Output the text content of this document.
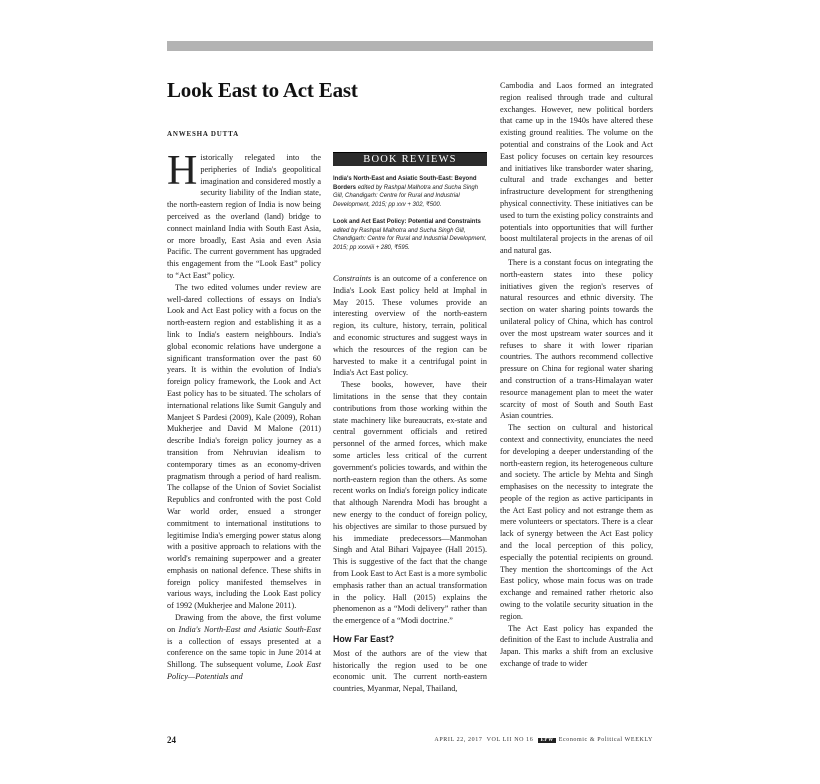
Look East to Act East
ANWESHA DUTTA

Historically relegated into the peripheries of India's geopolitical imagination and considered mostly a security liability of the Indian state, the north-eastern region of India is now being perceived as the overland (land) bridge to connect mainland India with South East Asia, or more broadly, East Asia and even Asia Pacific. The current government has upgraded this engagement from the “Look East” policy to “Act East” policy.

The two edited volumes under review are well-dared collections of essays on India's Look and Act East policy with a focus on the north-eastern region and establishing it as a link to India's eastern neighbours. India's global economic relations have undergone a significant transformation over the past 60 years. It is within the evolution of India's foreign policy framework, the Look and Act East policy has to be situated. The scholars of international relations like Sumit Ganguly and Manjeet S Pardesi (2009), Kale (2009), Rohan Mukherjee and David M Malone (2011) describe India's foreign policy journey as a transition from Nehruvian idealism to contemporary times as an economy-driven pragmatism through a period of hard realism. The collapse of the Union of Soviet Socialist Republics and confronted with the post Cold War world order, ensued a stronger commitment to international institutions to legitimise India's emerging power status along with a positive approach to relations with the world's remaining superpower and a greater emphasis on national defence. These shifts in foreign policy manifested themselves in various ways, including the Look East policy of 1992 (Mukherjee and Malone 2011).

Drawing from the above, the first volume on India's North-East and Asiatic South-East is a collection of essays presented at a conference on the same topic in June 2014 at Shillong. The subsequent volume, Look East Policy—Potentials and

BOOK REVIEWS
India's North-East and Asiatic South-East: Beyond Borders edited by Rashpal Malhotra and Sucha Singh Gill, Chandigarh: Centre for Rural and Industrial Development, 2015; pp xxv + 302, ₹500.
Look and Act East Policy: Potential and Constraints edited by Rashpal Malhotra and Sucha Singh Gill, Chandigarh: Centre for Rural and Industrial Development, 2015; pp xxxviii + 280, ₹595.

Constraints is an outcome of a conference on India's Look East policy held at Imphal in May 2015. These volumes provide an interesting overview of the north-eastern region, its culture, history, terrain, political and economic structures and suggest ways in which the resources of the region can be harvested to make it a centrifugal point in India's Act East policy.

These books, however, have their limitations in the sense that they contain contributions from those working within the state machinery like bureaucrats, ex-state and central government officials and retired personnel of the armed forces, which make some articles less critical of the current government's policies towards, and within the north-eastern region than the others. As some recent works on India's foreign policy indicate that although Narendra Modi has brought a new energy to the conduct of foreign policy, his objectives are similar to those pursued by his immediate predecessors—Manmohan Singh and Atal Bihari Vajpayee (Hall 2015). This is suggestive of the fact that the change from Look East to Act East is a more symbolic emphasis rather than an actual transformation in the policy. Hall (2015) explains the phenomenon as a “Modi delivery” rather than the emergence of a “Modi doctrine.”

How Far East?

Most of the authors are of the view that historically the region used to be one economic unit. The current north-eastern countries, Myanmar, Nepal, Thailand,

Cambodia and Laos formed an integrated region realised through trade and cultural exchanges. However, new political borders that came up in the 1940s have altered these existing ground realities. The volume on the potential and constrains of the Look and Act East policy focuses on certain key resources and initiatives like transborder water sharing, cultural and trade exchanges and better infrastructure development for strengthening physical connectivity. These initiatives can be used to turn the existing policy constraints and potentials into opportunities that will further boost multilateral projects in the arenas of oil and natural gas.

There is a constant focus on integrating the north-eastern states into these policy initiatives given the region's reserves of natural resources and ethnic diversity. The section on water sharing points towards the unilateral policy of China, which has control over the most upstream water sources and it refuses to share it with lower riparian countries. The authors recommend collective pressure on China for regional water sharing and construction of a trans-Himalayan water resource management plan to meet the water scarcity of most of South and South East Asian countries.

The section on cultural and historical context and connectivity, enunciates the need for developing a deeper understanding of the north-eastern region, its heterogeneous culture and society. The article by Mehta and Singh emphasises on the necessity to integrate the people of the region as active participants in the Act East policy and not estrange them as mere volunteers or spectators. There is a clear lack of synergy between the Act East policy and the local perception of this policy, especially the potential recipients on ground. They mention the shortcomings of the Act East policy, whose main focus was on trade exchange and remained rather rhetoric also owing to the volatile security situation in the region.

The Act East policy has expanded the definition of the East to include Australia and Japan. This marks a shift from an exclusive exchange of trade to wider

24	APRIL 22, 2017 VOL LII NO 16 EPW Economic & Political WEEKLY
